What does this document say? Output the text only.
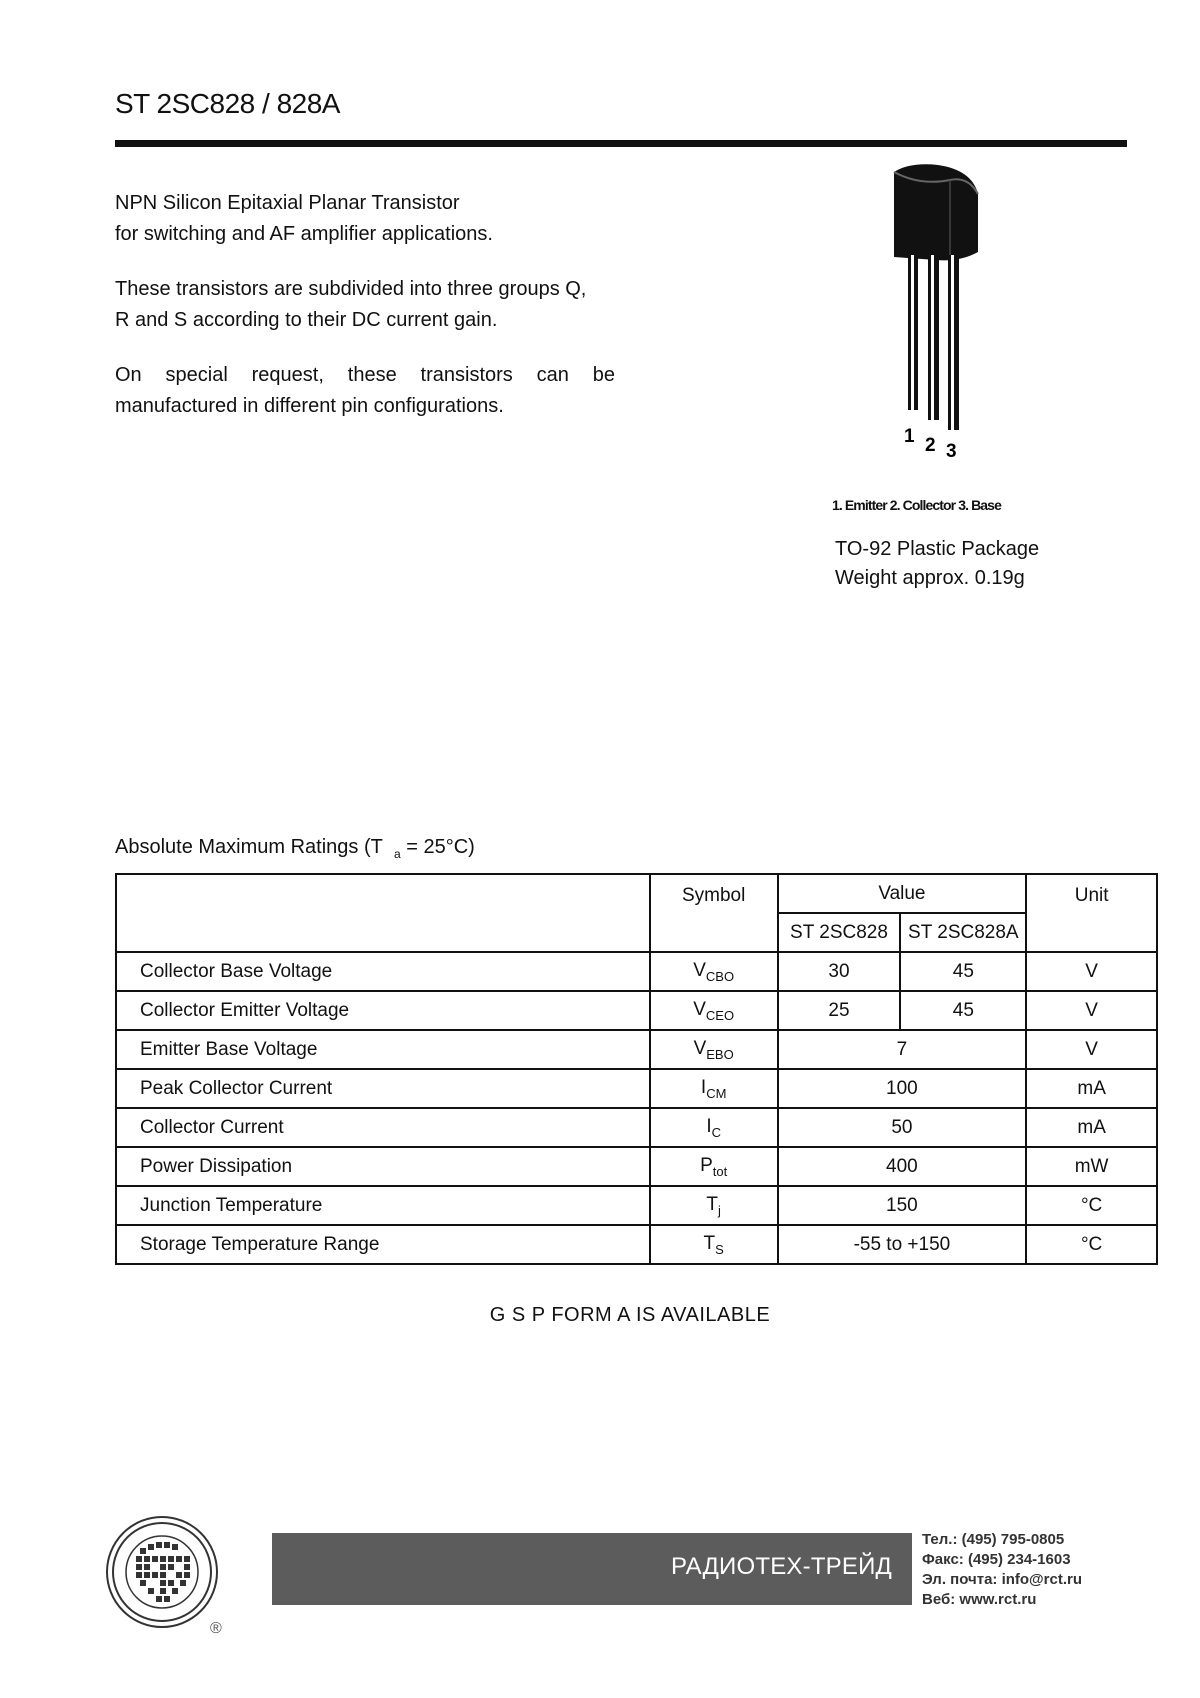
ST 2SC828 / 828A

NPN Silicon Epitaxial Planar Transistor
for switching and AF amplifier applications.

These transistors are subdivided into three groups Q,
R and S according to their DC current gain.

On special request, these transistors can be
manufactured in different pin configurations.

1 2 3
1. Emitter 2. Collector 3. Base
TO-92 Plastic Package
Weight approx. 0.19g
Absolute Maximum Ratings (T $_a$ = 25°C)
	Symbol	Value		Unit
		ST 2SC828	ST 2SC828A	
Collector Base Voltage	$V_{CBO}$	30	45	V
Collector Emitter Voltage	$V_{CEO}$	25	45	V
Emitter Base Voltage	$V_{EBO}$	7		V
Peak Collector Current	$I_{CM}$	100		mA
Collector Current	$I_C$	50		mA
Power Dissipation	$P_{tot}$	400		mW
Junction Temperature	$T_j$	150		°C
Storage Temperature Range	$T_S$	-55 to +150		°C
G S P FORM A IS AVAILABLE
®
РАДИОТЕХ-ТРЕЙД
Тел.: (495) 795-0805
Факс: (495) 234-1603
Эл. почта: info@rct.ru
Веб: www.rct.ru
